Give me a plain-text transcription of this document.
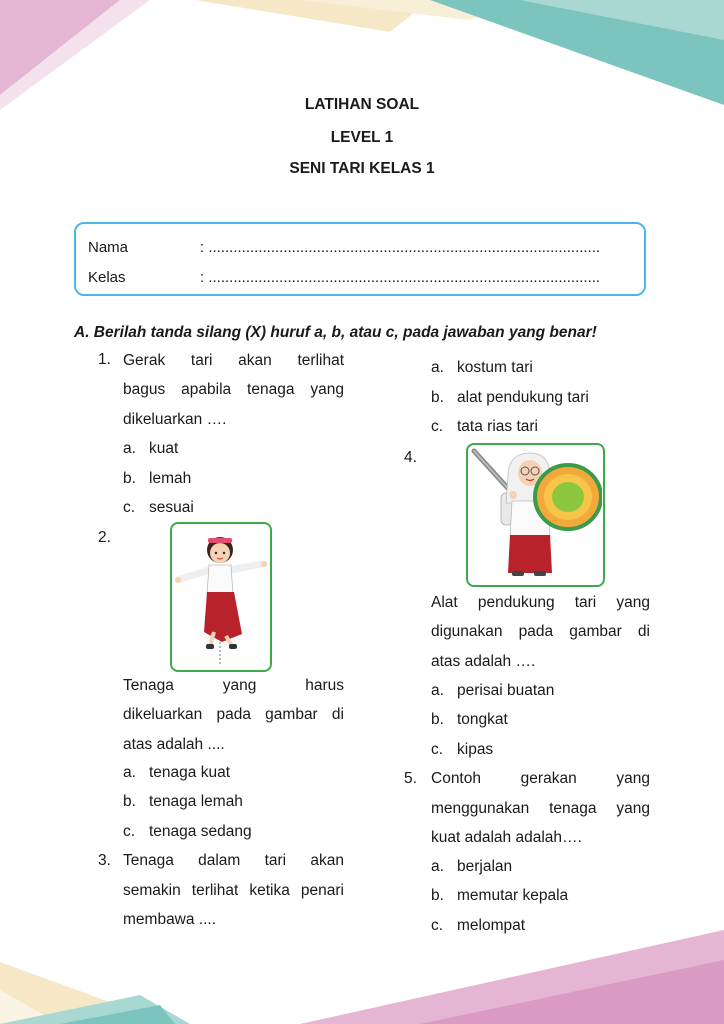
LATIHAN SOAL
LEVEL 1
SENI TARI KELAS 1
Nama	: ..............................................................................................
Kelas	: ..............................................................................................
A. Berilah tanda silang (X) huruf a, b, atau c, pada jawaban yang benar!
1. Gerak tari akan terlihat
bagus apabila tenaga yang
dikeluarkan ….
a. kuat
b. lemah
c. sesuai
2.
Tenaga yang harus
dikeluarkan pada gambar di
atas adalah ....
a. tenaga kuat
b. tenaga lemah
c. tenaga sedang
3. Tenaga dalam tari akan
semakin terlihat ketika penari
membawa ....
a. kostum tari
b. alat pendukung tari
c. tata rias tari
4.
Alat pendukung tari yang
digunakan pada gambar di
atas adalah ….
a. perisai buatan
b. tongkat
c. kipas
5. Contoh gerakan yang
menggunakan tenaga yang
kuat adalah adalah….
a. berjalan
b. memutar kepala
c. melompat
